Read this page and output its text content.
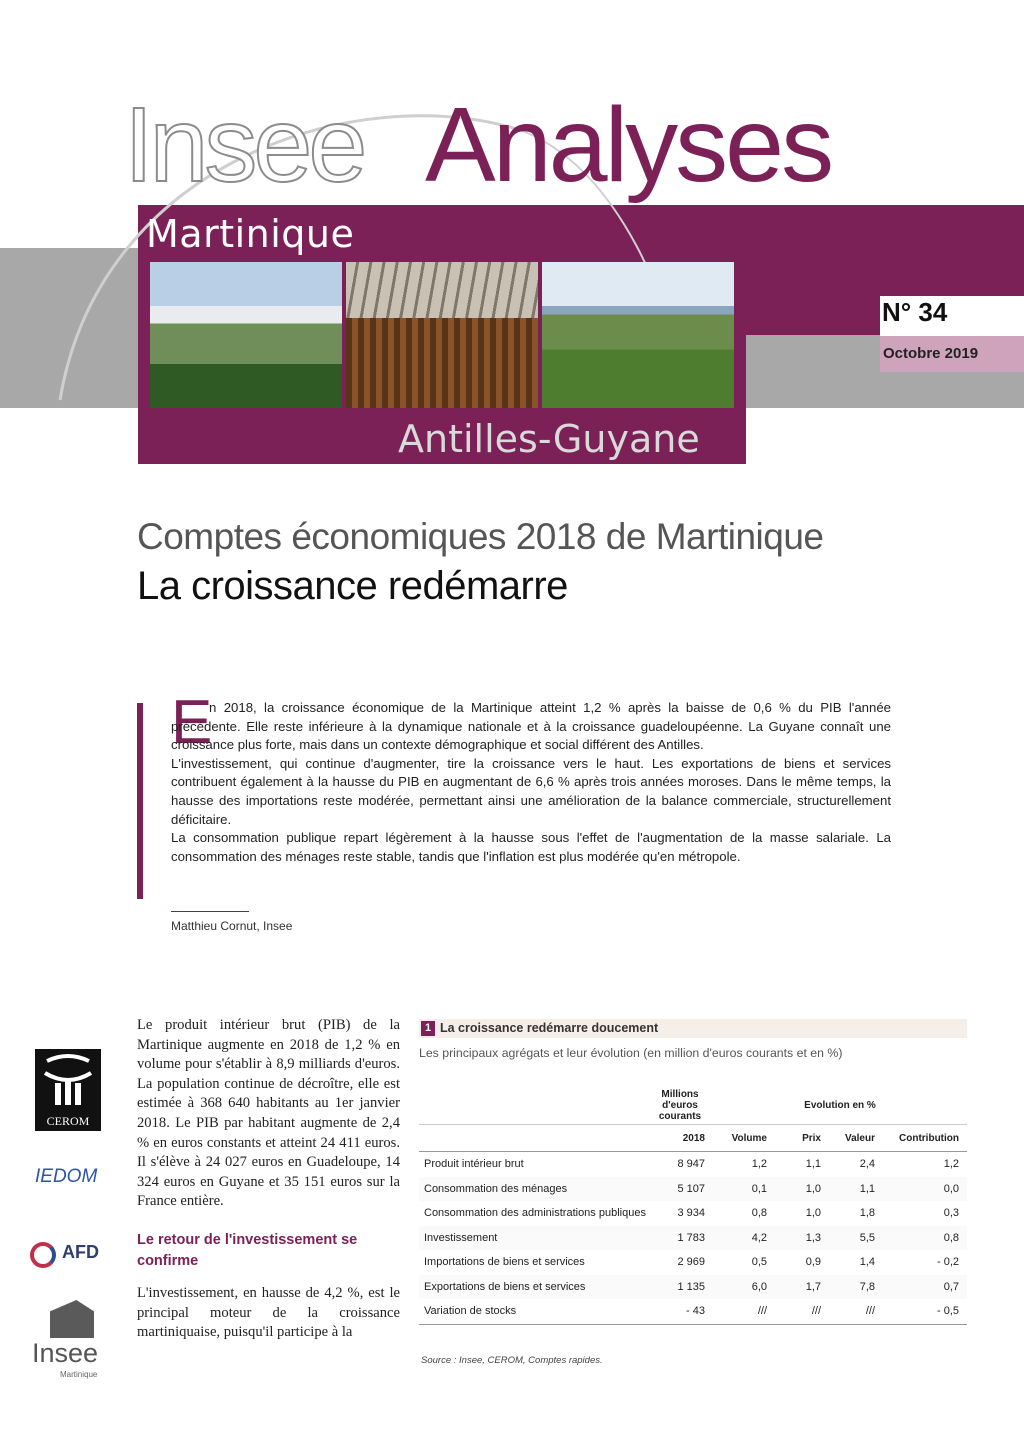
Insee Analyses
Martinique
Antilles-Guyane
N° 34
Octobre 2019
Comptes économiques 2018 de Martinique
La croissance redémarre
E

n 2018, la croissance économique de la Martinique atteint 1,2 % après la baisse de 0,6 % du PIB l'année précédente. Elle reste inférieure à la dynamique nationale et à la croissance guadeloupéenne. La Guyane connaît une croissance plus forte, mais dans un contexte démographique et social différent des Antilles.

L'investissement, qui continue d'augmenter, tire la croissance vers le haut. Les exportations de biens et services contribuent également à la hausse du PIB en augmentant de 6,6 % après trois années moroses. Dans le même temps, la hausse des importations reste modérée, permettant ainsi une amélioration de la balance commerciale, structurellement déficitaire.

La consommation publique repart légèrement à la hausse sous l'effet de l'augmentation de la masse salariale. La consommation des ménages reste stable, tandis que l'inflation est plus modérée qu'en métropole.

Matthieu Cornut, Insee
CEROM
IEDOM
AFD
Insee
Martinique

Le produit intérieur brut (PIB) de la Martinique augmente en 2018 de 1,2 % en volume pour s'établir à 8,9 milliards d'euros. La population continue de décroître, elle est estimée à 368 640 habitants au 1er janvier 2018. Le PIB par habitant augmente de 2,4 % en euros constants et atteint 24 411 euros. Il s'élève à 24 027 euros en Guadeloupe, 14 324 euros en Guyane et 35 151 euros sur la France entière.

Le retour de l'investissement se confirme

L'investissement, en hausse de 4,2 %, est le principal moteur de la croissance martiniquaise, puisqu'il participe à la

1 La croissance redémarre doucement
Les principaux agrégats et leur évolution (en million d'euros courants et en %)
	Millions d'euros courants	Evolution en %			
	2018	Volume	Prix	Valeur	Contribution
Produit intérieur brut	8 947	1,2	1,1	2,4	1,2
Consommation des ménages	5 107	0,1	1,0	1,1	0,0
Consommation des administrations publiques	3 934	0,8	1,0	1,8	0,3
Investissement	1 783	4,2	1,3	5,5	0,8
Importations de biens et services	2 969	0,5	0,9	1,4	- 0,2
Exportations de biens et services	1 135	6,0	1,7	7,8	0,7
Variation de stocks	- 43	///	///	///	- 0,5
Source : Insee, CEROM, Comptes rapides.
